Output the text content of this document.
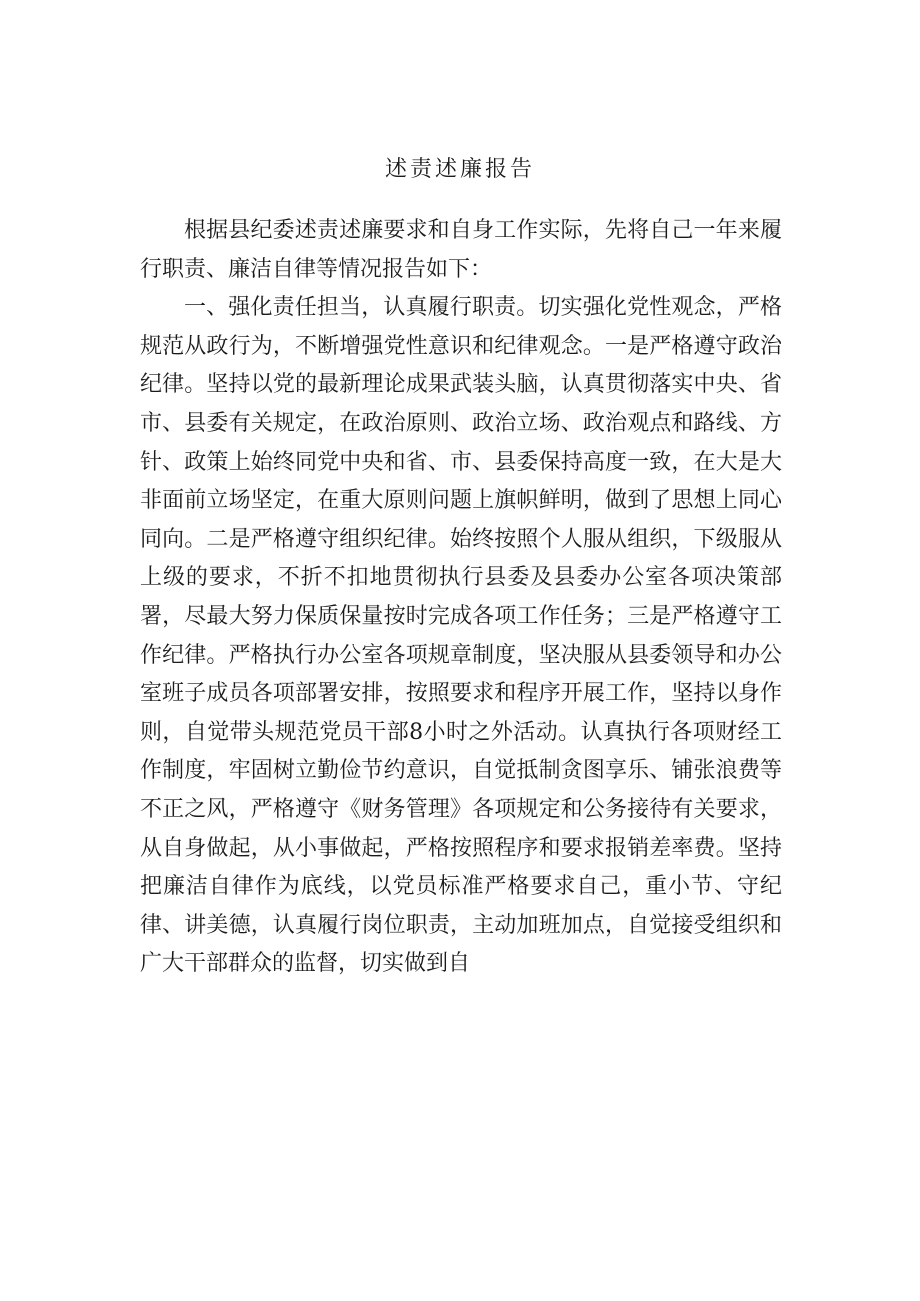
述责述廉报告

根据县纪委述责述廉要求和自身工作实际，先将自己一年来履行职责、廉洁自律等情况报告如下：

一、强化责任担当，认真履行职责。切实强化党性观念，严格规范从政行为，不断增强党性意识和纪律观念。一是严格遵守政治纪律。坚持以党的最新理论成果武装头脑，认真贯彻落实中央、省市、县委有关规定，在政治原则、政治立场、政治观点和路线、方针、政策上始终同党中央和省、市、县委保持高度一致，在大是大非面前立场坚定，在重大原则问题上旗帜鲜明，做到了思想上同心同向。二是严格遵守组织纪律。始终按照个人服从组织，下级服从上级的要求，不折不扣地贯彻执行县委及县委办公室各项决策部署，尽最大努力保质保量按时完成各项工作任务；三是严格遵守工作纪律。严格执行办公室各项规章制度，坚决服从县委领导和办公室班子成员各项部署安排，按照要求和程序开展工作，坚持以身作则，自觉带头规范党员干部8小时之外活动。认真执行各项财经工作制度，牢固树立勤俭节约意识，自觉抵制贪图享乐、铺张浪费等不正之风，严格遵守《财务管理》各项规定和公务接待有关要求，从自身做起，从小事做起，严格按照程序和要求报销差率费。坚持把廉洁自律作为底线，以党员标准严格要求自己，重小节、守纪律、讲美德，认真履行岗位职责，主动加班加点，自觉接受组织和广大干部群众的监督，切实做到自
